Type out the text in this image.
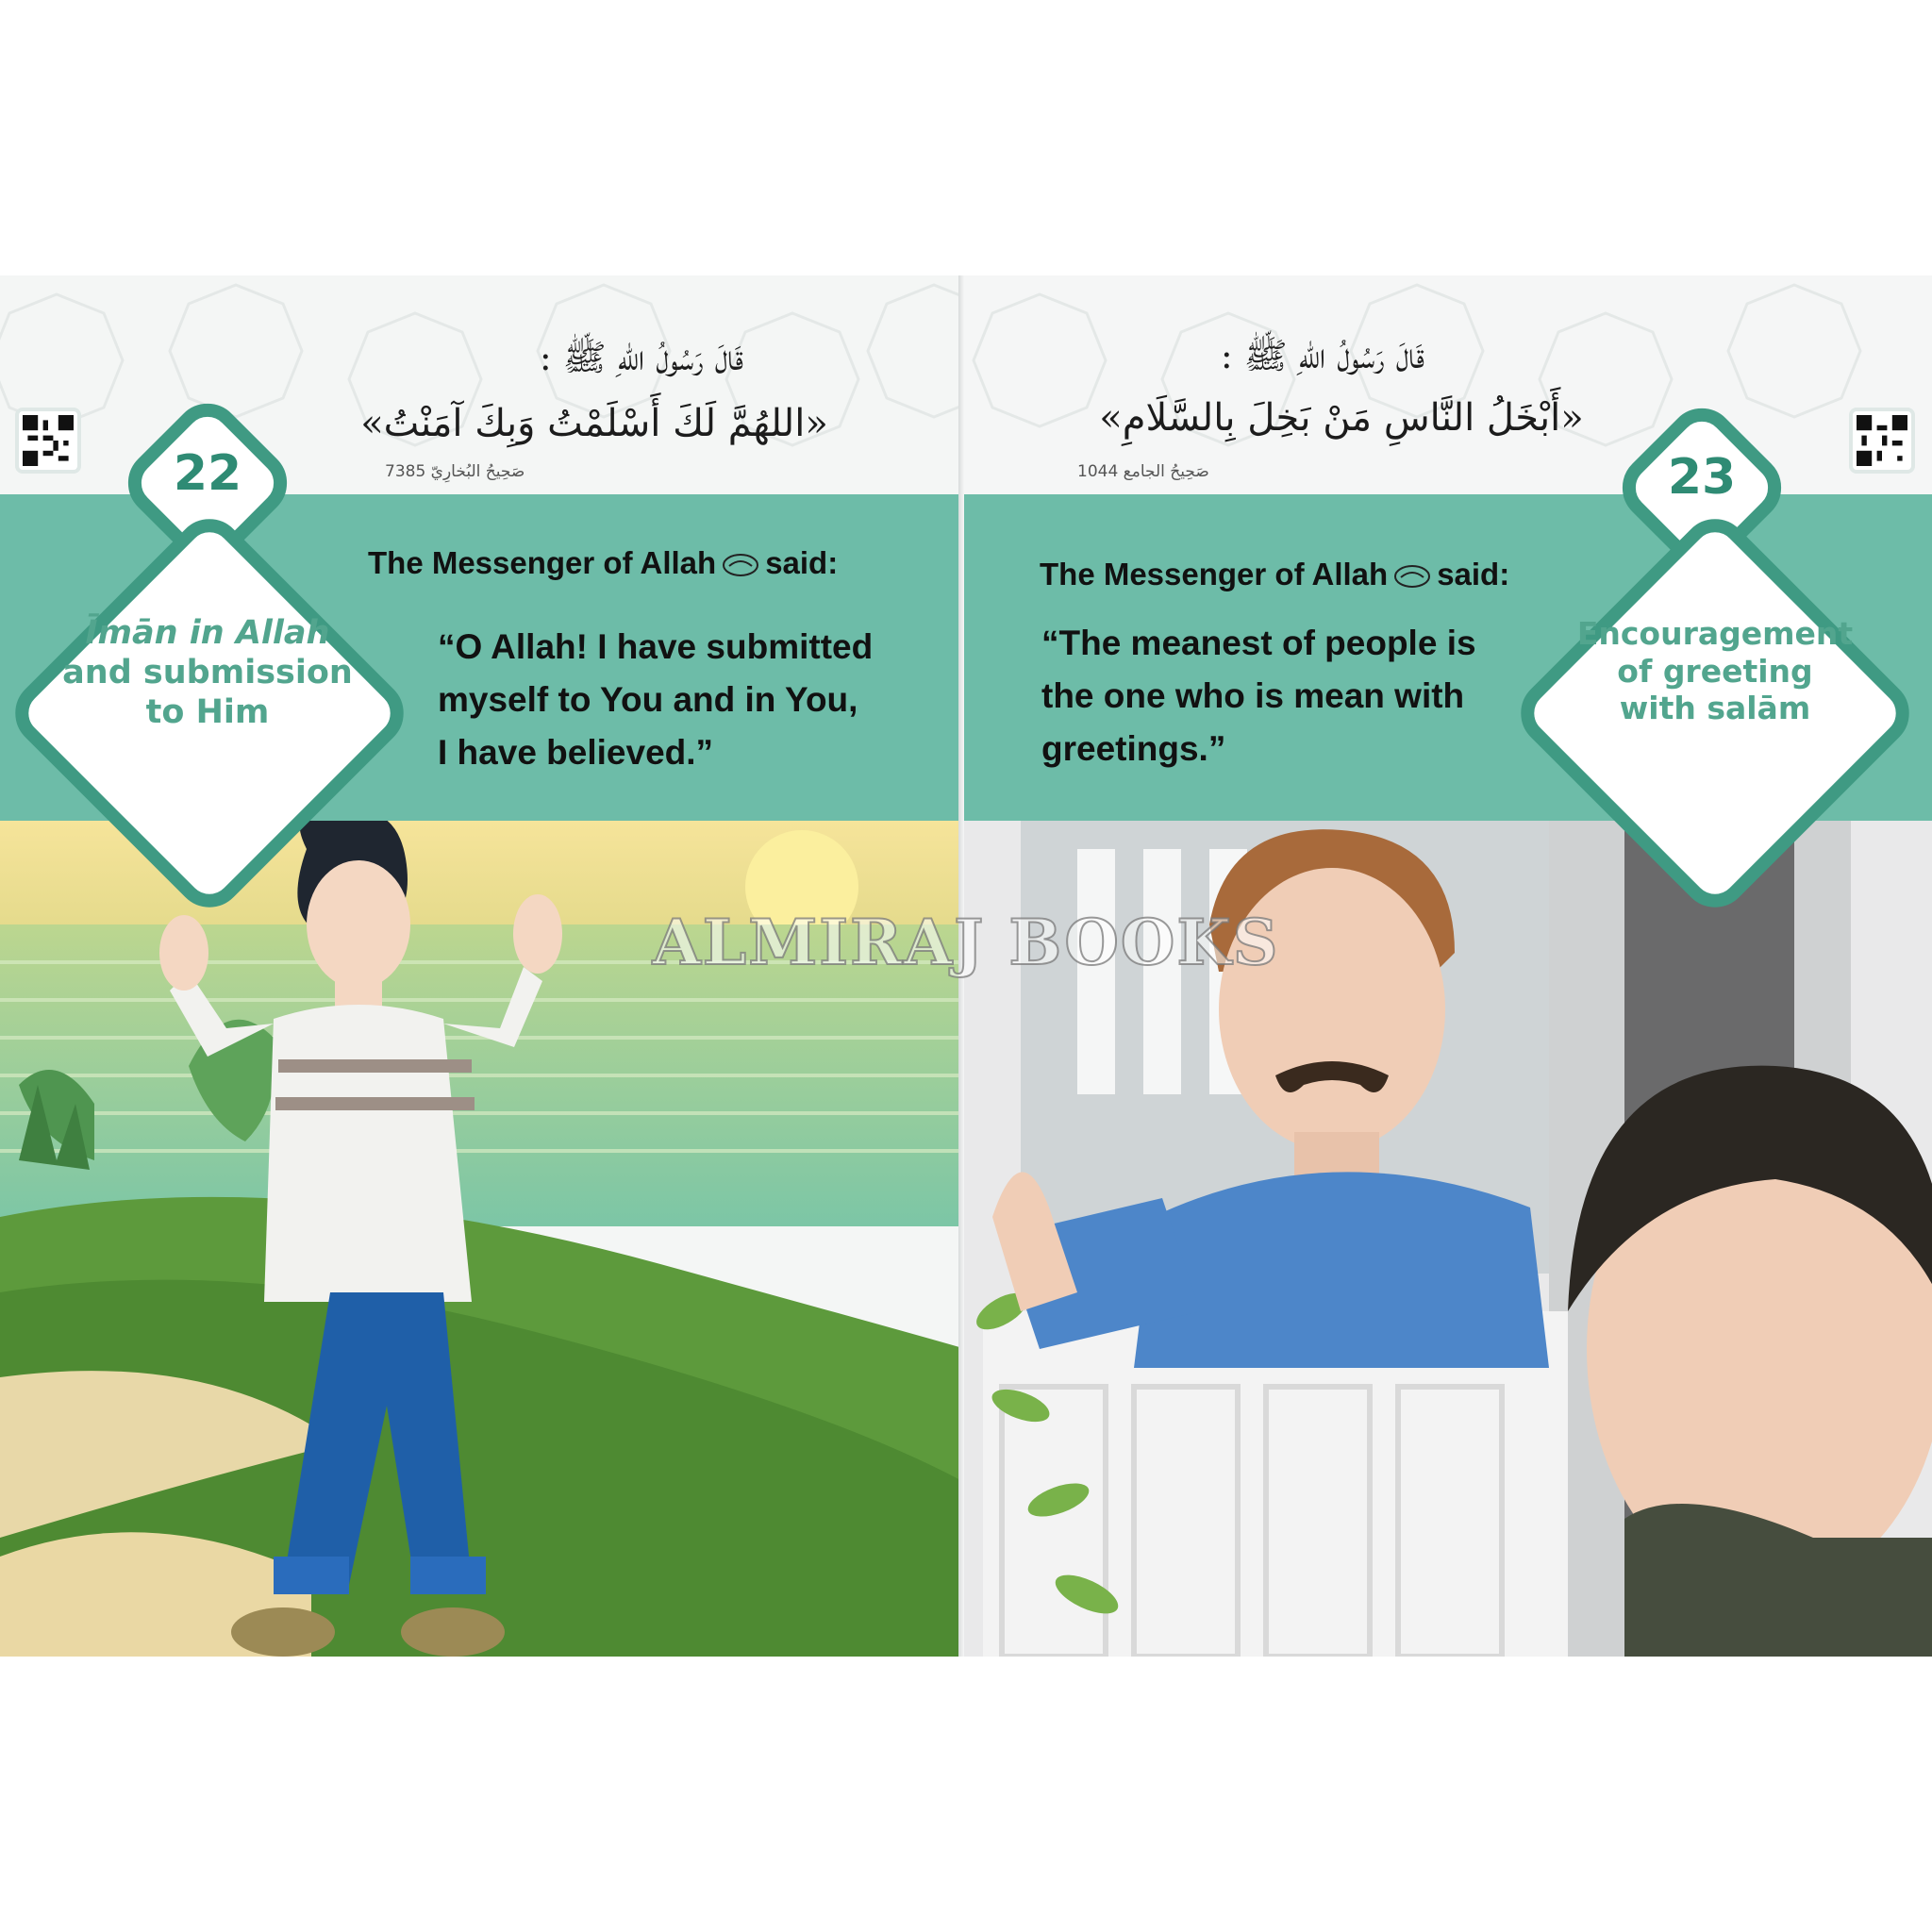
قَالَ رَسُولُ اللهِ ﷺ :
«اللهُمَّ لَكَ أَسْلَمْتُ وَبِكَ آمَنْتُ»
صَحِيحُ البُخارِيّ 7385
22
Īmān in Allah
and submission
to Him
The Messenger of Allah said:
“O Allah! I have submitted
myself to You and in You,
I have believed.”
قَالَ رَسُولُ اللهِ ﷺ :
«أَبْخَلُ النَّاسِ مَنْ بَخِلَ بِالسَّلَامِ»
صَحِيحُ الجامع 1044	23
Encouragement
of greeting
with salām
The Messenger of Allah said:
“The meanest of people is
the one who is mean with
greetings.”
ALMIRAJ BOOKS
